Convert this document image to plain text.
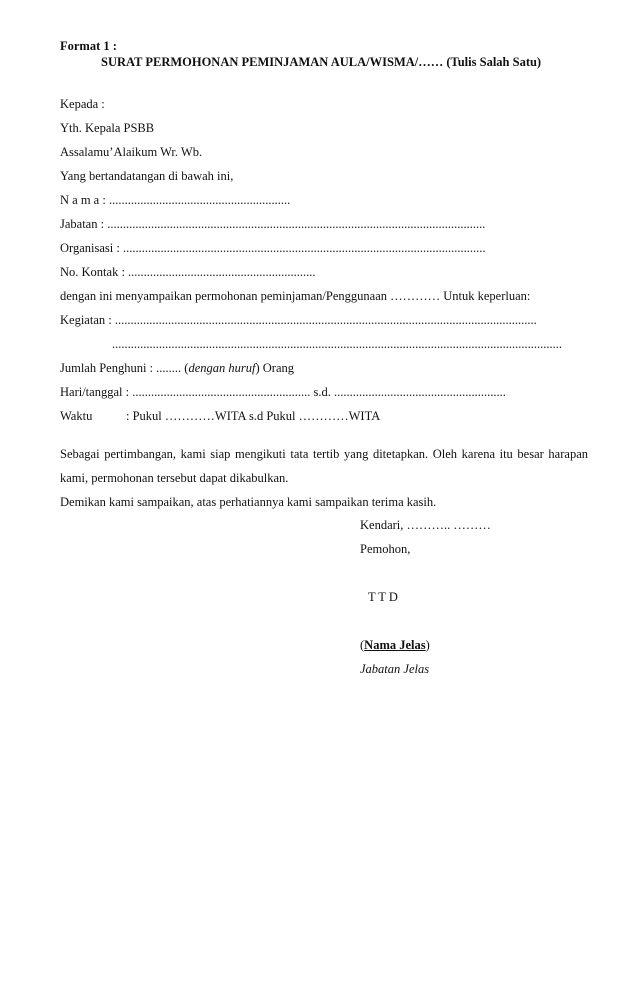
Format 1 :
SURAT PERMOHONAN PEMINJAMAN AULA/WISMA/…… (Tulis Salah Satu)
Kepada :
Yth. Kepala PSBB
Assalamu’Alaikum Wr. Wb.
Yang bertandatangan di bawah ini,
N a m a : ..........................................................
Jabatan : .........................................................................................................................
Organisasi : ....................................................................................................................
No. Kontak : ............................................................
dengan ini menyampaikan permohonan peminjaman/Penggunaan ………… Untuk keperluan:
Kegiatan : .......................................................................................................................................
................................................................................................................................................
Jumlah Penghuni : ........ (dengan huruf) Orang
Hari/tanggal : ......................................................... s.d. .......................................................
Waktu	: Pukul …………WITA s.d Pukul …………WITA
Sebagai pertimbangan, kami siap mengikuti tata tertib yang ditetapkan. Oleh karena itu besar harapan
kami, permohonan tersebut dapat dikabulkan.
Demikan kami sampaikan, atas perhatiannya kami sampaikan terima kasih.
Kendari, ……….. ………
Pemohon,
T T D
(Nama Jelas)
Jabatan Jelas
